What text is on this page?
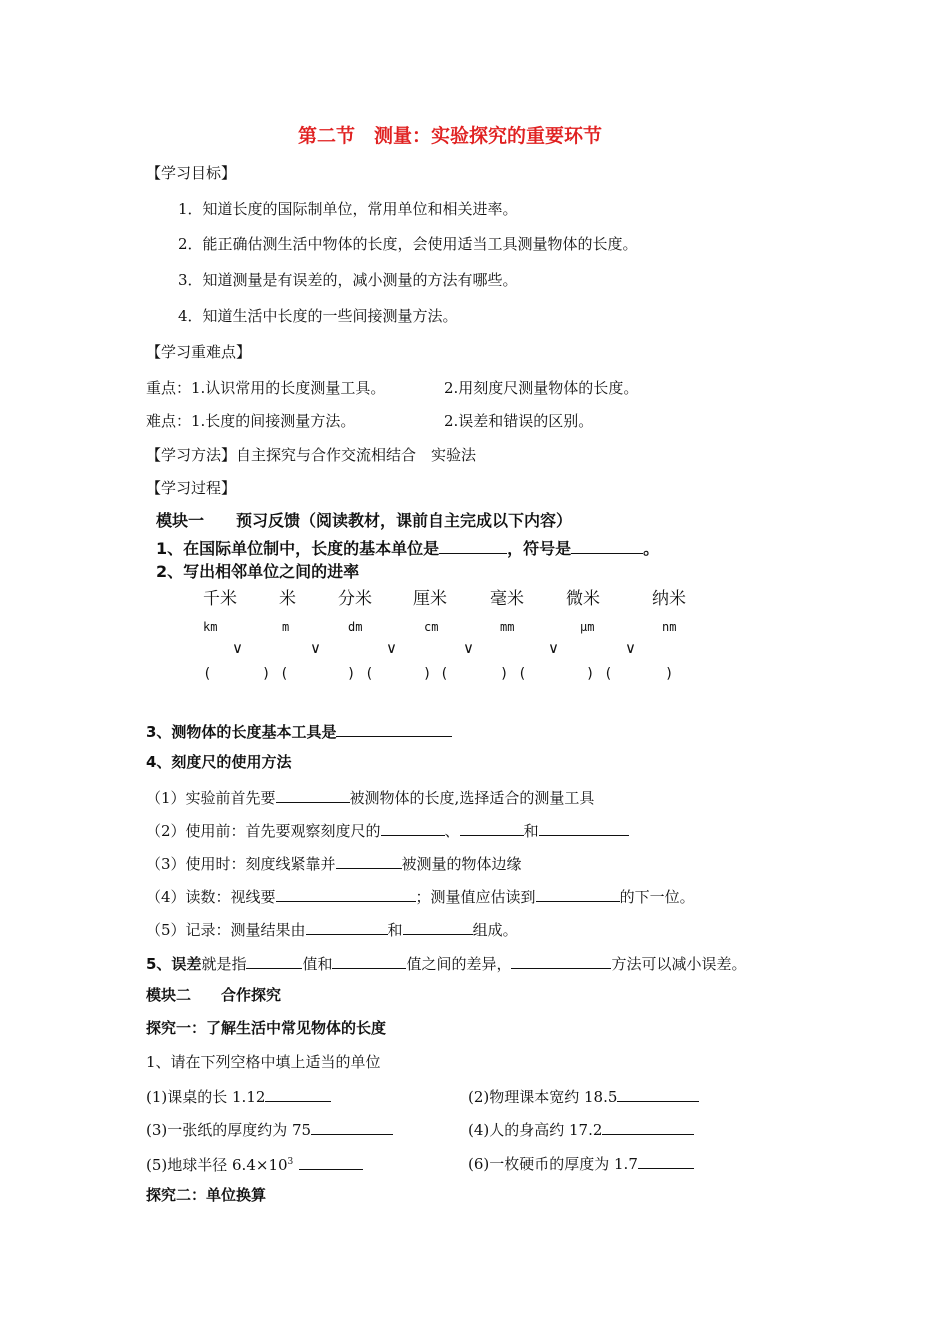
第二节　测量：实验探究的重要环节
【学习目标】
1．知道长度的国际制单位，常用单位和相关进率。
2．能正确估测生活中物体的长度，会使用适当工具测量物体的长度。
3．知道测量是有误差的，减小测量的方法有哪些。
4．知道生活中长度的一些间接测量方法。
【学习重难点】
重点：1.认识常用的长度测量工具。	2.用刻度尺测量物体的长度。
难点：1.长度的间接测量方法。	2.误差和错误的区别。
【学习方法】自主探究与合作交流相结合　实验法
【学习过程】
模块一　　预习反馈（阅读教材，课前自主完成以下内容）
1、在国际单位制中，长度的基本单位是	，符号是	。
2、写出相邻单位之间的进率
千米 米 分米 厘米	毫米 微米	纳米
km	m	dm	cm	mm	μm	nm
∨	∨	∨	∨	∨	∨
(	) (	) (	) (	) (	) (	)
3、测物体的长度基本工具是
4、刻度尺的使用方法
（1）实验前首先要	被测物体的长度,选择适合的测量工具
（2）使用前：首先要观察刻度尺的	、	和
（3）使用时：刻度线紧靠并	被测量的物体边缘
（4）读数：视线要	；测量值应估读到	的下一位。
（5）记录：测量结果由	和	组成。
5、误差就是指	值和	值之间的差异，	方法可以减小误差。
模块二　　合作探究
探究一：了解生活中常见物体的长度
1、请在下列空格中填上适当的单位
(1)课桌的长 1.12	(2)物理课本宽约 18.5
(3)一张纸的厚度约为 75	(4)人的身高约 17.2
(5)地球半径 $6.4\times 10^3$	(6)一枚硬币的厚度为 1.7
探究二：单位换算
